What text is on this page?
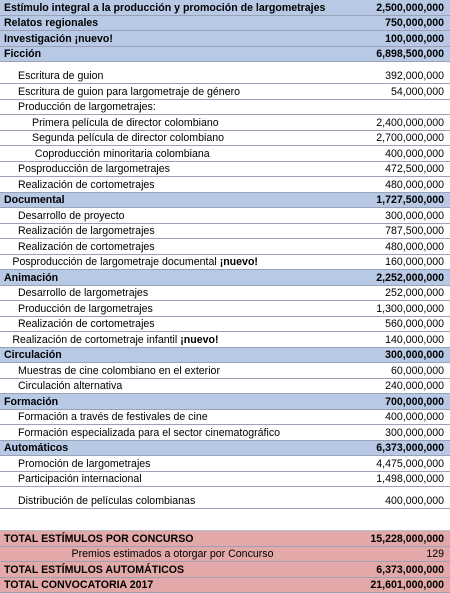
Estímulo integral a la producción y promoción de largometrajes	2,500,000,000
Relatos regionales	750,000,000
Investigación ¡nuevo!	100,000,000
Ficción	6,898,500,000
Escritura de guion	392,000,000
Escritura de guion para largometraje de género	54,000,000
Producción de largometrajes:
Primera película de director colombiano	2,400,000,000
Segunda película de director colombiano	2,700,000,000
Coproducción minoritaria colombiana	400,000,000
Posproducción de largometrajes	472,500,000
Realización de cortometrajes	480,000,000
Documental	1,727,500,000
Desarrollo de proyecto	300,000,000
Realización de largometrajes	787,500,000
Realización de cortometrajes	480,000,000
Posproducción de largometraje documental ¡nuevo!	160,000,000
Animación	2,252,000,000
Desarrollo de largometrajes	252,000,000
Producción de largometrajes	1,300,000,000
Realización de cortometrajes	560,000,000
Realización de cortometraje infantil ¡nuevo!	140,000,000
Circulación	300,000,000
Muestras de cine colombiano en el exterior	60,000,000
Circulación alternativa	240,000,000
Formación	700,000,000
Formación a través de festivales de cine	400,000,000
Formación especializada para el sector cinematográfico	300,000,000
Automáticos	6,373,000,000
Promoción de largometrajes	4,475,000,000
Participación internacional	1,498,000,000
Distribución de películas colombianas	400,000,000
TOTAL ESTÍMULOS POR CONCURSO	15,228,000,000
Premios estimados a otorgar por Concurso	129
TOTAL ESTÍMULOS AUTOMÁTICOS	6,373,000,000
TOTAL CONVOCATORIA 2017	21,601,000,000
